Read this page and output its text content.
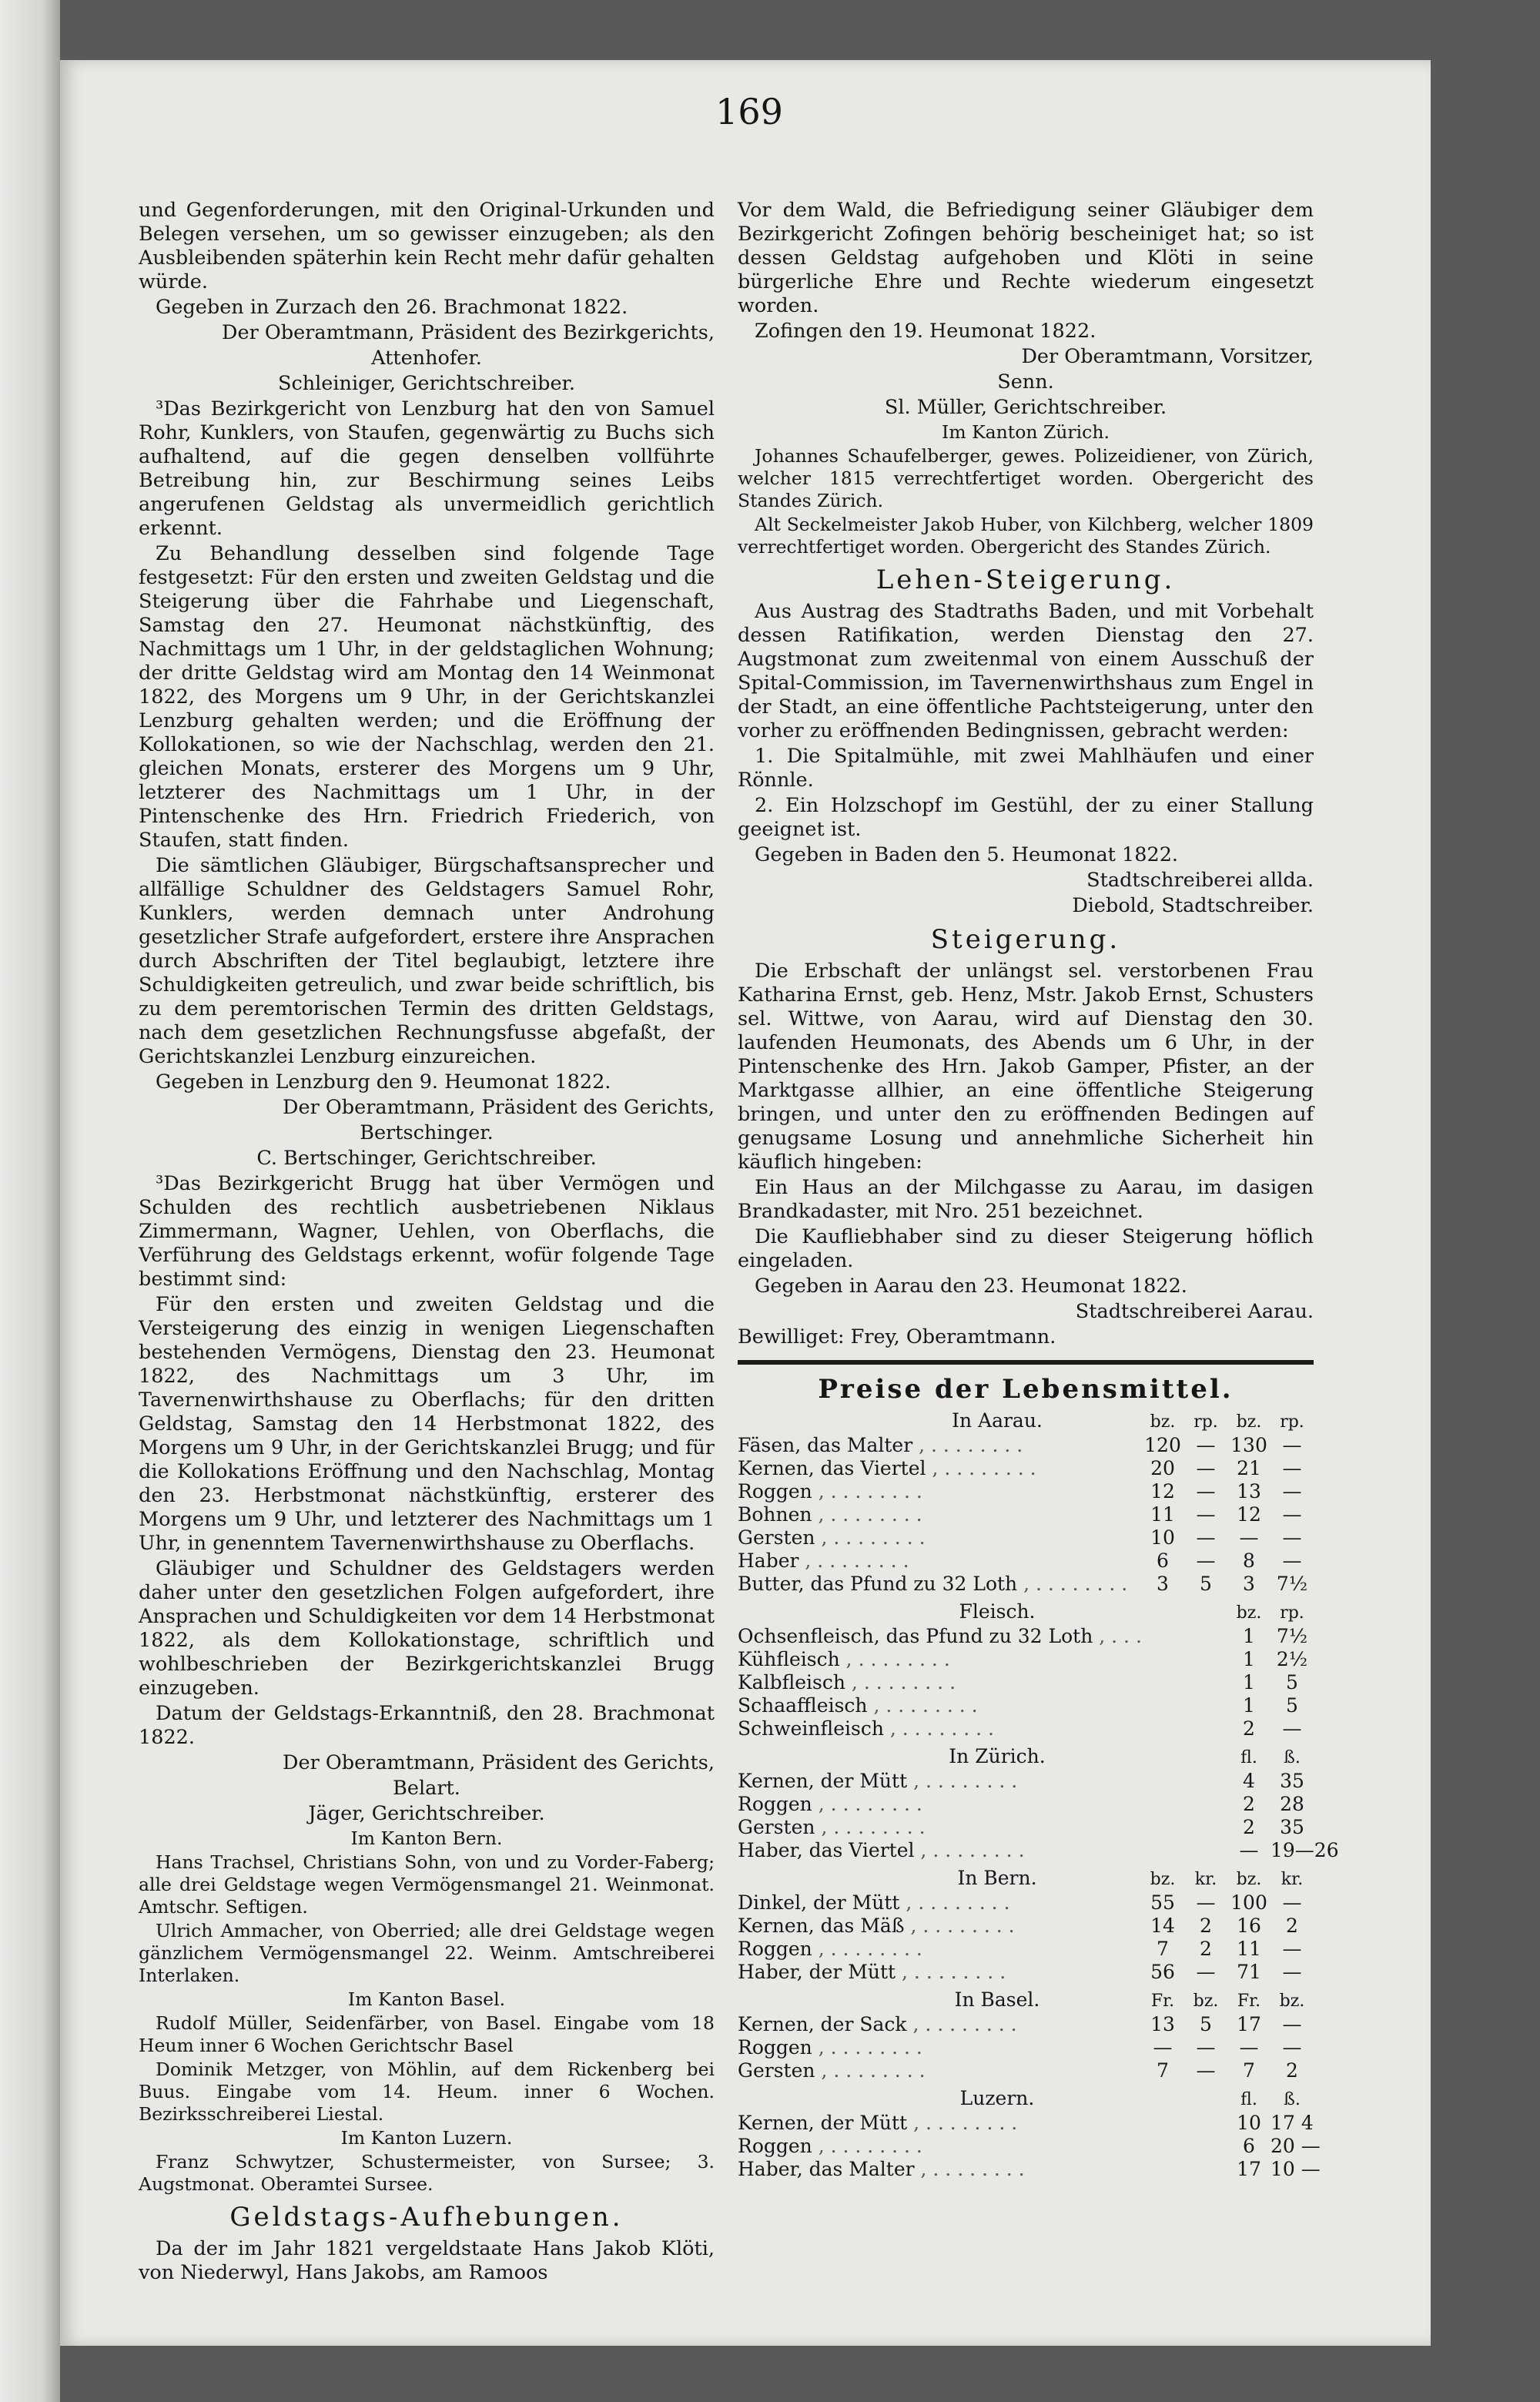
169

und Gegenforderungen, mit den Original-Urkunden und Belegen versehen, um so gewisser einzugeben; als den Ausbleibenden späterhin kein Recht mehr dafür gehalten würde.

Gegeben in Zurzach den 26. Brachmonat 1822.

Der Oberamtmann, Präsident des Bezirkgerichts,

Attenhofer.

Schleiniger, Gerichtschreiber.

³Das Bezirkgericht von Lenzburg hat den von Samuel Rohr, Kunklers, von Staufen, gegenwärtig zu Buchs sich aufhaltend, auf die gegen denselben vollführte Betreibung hin, zur Beschirmung seines Leibs angerufenen Geldstag als unvermeidlich gerichtlich erkennt.

Zu Behandlung desselben sind folgende Tage festgesetzt: Für den ersten und zweiten Geldstag und die Steigerung über die Fahrhabe und Liegenschaft, Samstag den 27. Heumonat nächstkünftig, des Nachmittags um 1 Uhr, in der geldstaglichen Wohnung; der dritte Geldstag wird am Montag den 14 Weinmonat 1822, des Morgens um 9 Uhr, in der Gerichtskanzlei Lenzburg gehalten werden; und die Eröffnung der Kollokationen, so wie der Nachschlag, werden den 21. gleichen Monats, ersterer des Morgens um 9 Uhr, letzterer des Nachmittags um 1 Uhr, in der Pintenschenke des Hrn. Friedrich Friederich, von Staufen, statt finden.

Die sämtlichen Gläubiger, Bürgschaftsansprecher und allfällige Schuldner des Geldstagers Samuel Rohr, Kunklers, werden demnach unter Androhung gesetzlicher Strafe aufgefordert, erstere ihre Ansprachen durch Abschriften der Titel beglaubigt, letztere ihre Schuldigkeiten getreulich, und zwar beide schriftlich, bis zu dem peremtorischen Termin des dritten Geldstags, nach dem gesetzlichen Rechnungsfusse abgefaßt, der Gerichtskanzlei Lenzburg einzureichen.

Gegeben in Lenzburg den 9. Heumonat 1822.

Der Oberamtmann, Präsident des Gerichts,

Bertschinger.

C. Bertschinger, Gerichtschreiber.

³Das Bezirkgericht Brugg hat über Vermögen und Schulden des rechtlich ausbetriebenen Niklaus Zimmermann, Wagner, Uehlen, von Oberflachs, die Verführung des Geldstags erkennt, wofür folgende Tage bestimmt sind:

Für den ersten und zweiten Geldstag und die Versteigerung des einzig in wenigen Liegenschaften bestehenden Vermögens, Dienstag den 23. Heumonat 1822, des Nachmittags um 3 Uhr, im Tavernenwirthshause zu Oberflachs; für den dritten Geldstag, Samstag den 14 Herbstmonat 1822, des Morgens um 9 Uhr, in der Gerichtskanzlei Brugg; und für die Kollokations Eröffnung und den Nachschlag, Montag den 23. Herbstmonat nächstkünftig, ersterer des Morgens um 9 Uhr, und letzterer des Nachmittags um 1 Uhr, in genenntem Tavernenwirthshause zu Oberflachs.

Gläubiger und Schuldner des Geldstagers werden daher unter den gesetzlichen Folgen aufgefordert, ihre Ansprachen und Schuldigkeiten vor dem 14 Herbstmonat 1822, als dem Kollokationstage, schriftlich und wohlbeschrieben der Bezirkgerichtskanzlei Brugg einzugeben.

Datum der Geldstags-Erkanntniß, den 28. Brachmonat 1822.

Der Oberamtmann, Präsident des Gerichts,

Belart.

Jäger, Gerichtschreiber.

Im Kanton Bern.

Hans Trachsel, Christians Sohn, von und zu Vorder-Faberg; alle drei Geldstage wegen Vermögensmangel 21. Weinmonat. Amtschr. Seftigen.

Ulrich Ammacher, von Oberried; alle drei Geldstage wegen gänzlichem Vermögensmangel 22. Weinm. Amtschreiberei Interlaken.

Im Kanton Basel.

Rudolf Müller, Seidenfärber, von Basel. Eingabe vom 18 Heum inner 6 Wochen Gerichtschr Basel

Dominik Metzger, von Möhlin, auf dem Rickenberg bei Buus. Eingabe vom 14. Heum. inner 6 Wochen. Bezirksschreiberei Liestal.

Im Kanton Luzern.

Franz Schwytzer, Schustermeister, von Sursee; 3. Augstmonat. Oberamtei Sursee.

Geldstags-Aufhebungen.

Da der im Jahr 1821 vergeldstaate Hans Jakob Klöti, von Niederwyl, Hans Jakobs, am Ramoos

Vor dem Wald, die Befriedigung seiner Gläubiger dem Bezirkgericht Zofingen behörig bescheiniget hat; so ist dessen Geldstag aufgehoben und Klöti in seine bürgerliche Ehre und Rechte wiederum eingesetzt worden.

Zofingen den 19. Heumonat 1822.

Der Oberamtmann, Vorsitzer,

Senn.

Sl. Müller, Gerichtschreiber.

Im Kanton Zürich.

Johannes Schaufelberger, gewes. Polizeidiener, von Zürich, welcher 1815 verrechtfertiget worden. Obergericht des Standes Zürich.

Alt Seckelmeister Jakob Huber, von Kilchberg, welcher 1809 verrechtfertiget worden. Obergericht des Standes Zürich.

Lehen-Steigerung.

Aus Austrag des Stadtraths Baden, und mit Vorbehalt dessen Ratifikation, werden Dienstag den 27. Augstmonat zum zweitenmal von einem Ausschuß der Spital-Commission, im Tavernenwirthshaus zum Engel in der Stadt, an eine öffentliche Pachtsteigerung, unter den vorher zu eröffnenden Bedingnissen, gebracht werden:

1. Die Spitalmühle, mit zwei Mahlhäufen und einer Rönnle.

2. Ein Holzschopf im Gestühl, der zu einer Stallung geeignet ist.

Gegeben in Baden den 5. Heumonat 1822.

Stadtschreiberei allda.

Diebold, Stadtschreiber.

Steigerung.

Die Erbschaft der unlängst sel. verstorbenen Frau Katharina Ernst, geb. Henz, Mstr. Jakob Ernst, Schusters sel. Wittwe, von Aarau, wird auf Dienstag den 30. laufenden Heumonats, des Abends um 6 Uhr, in der Pintenschenke des Hrn. Jakob Gamper, Pfister, an der Marktgasse allhier, an eine öffentliche Steigerung bringen, und unter den zu eröffnenden Bedingen auf genugsame Losung und annehmliche Sicherheit hin käuflich hingeben:

Ein Haus an der Milchgasse zu Aarau, im dasigen Brandkadaster, mit Nro. 251 bezeichnet.

Die Kaufliebhaber sind zu dieser Steigerung höflich eingeladen.

Gegeben in Aarau den 23. Heumonat 1822.

Stadtschreiberei Aarau.

Bewilliget: Frey, Oberamtmann.

Preise der Lebensmittel.
In Aarau.	bz.	rp.	bz.	rp.
Fäsen, das Malter , . . . . . . . .	120 — 130 —
Kernen, das Viertel , . . . . . . . .	20	—	21	—
Roggen , . . . . . . . .	12	—	13	—
Bohnen , . . . . . . . .	11	—	12	—
Gersten , . . . . . . . .	10	—	—	—
Haber , . . . . . . . .	6	—	8	—
Butter, das Pfund zu 32 Loth , . . . . . . . .	3	5	3	7½
Fleisch.	bz.	rp.
Ochsenfleisch, das Pfund zu 32 Loth , . . . . . . . .	1	7½
Kühfleisch , . . . . . . . .	1	2½
Kalbfleisch , . . . . . . . .	1	5
Schaaffleisch , . . . . . . . .	1	5
Schweinfleisch , . . . . . . . .	2	—
In Zürich.	fl.	ß.
Kernen, der Mütt , . . . . . . . .	4	35
Roggen , . . . . . . . .	2	28
Gersten , . . . . . . . .	2	35
Haber, das Viertel , . . . . . . . .	— 19—26
In Bern.	bz.	kr.	bz.	kr.
Dinkel, der Mütt , . . . . . . . .	55	— 100 —
Kernen, das Mäß , . . . . . . . .	14	2	16	2
Roggen , . . . . . . . .	7	2	11	—
Haber, der Mütt , . . . . . . . .	56	—	71	—
In Basel.	Fr.	bz.	Fr.	bz.
Kernen, der Sack , . . . . . . . .	13	5	17	—
Roggen , . . . . . . . .	—	—	—	—
Gersten , . . . . . . . .	7	—	7	2
Luzern.	fl.	ß.
Kernen, der Mütt , . . . . . . . .	10 17 4
Roggen , . . . . . . . .	6 20 —
Haber, das Malter , . . . . . . . .	17 10 —
